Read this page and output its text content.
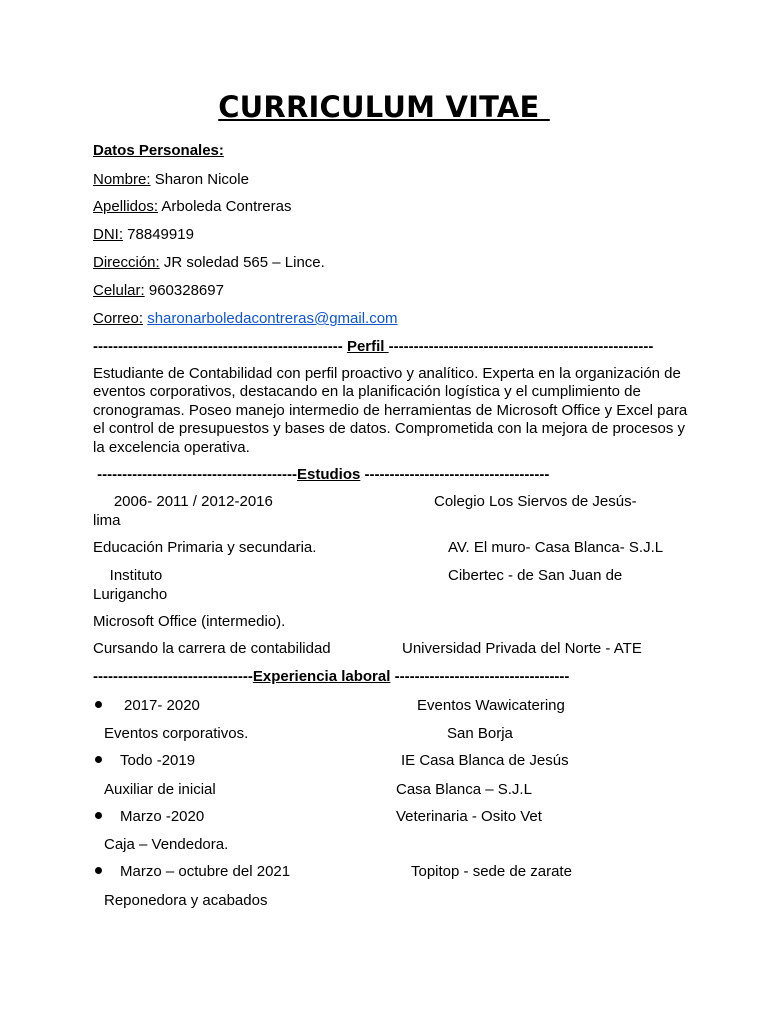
CURRICULUM VITAE
Datos Personales:
Nombre: Sharon Nicole
Apellidos: Arboleda Contreras
DNI: 78849919
Dirección: JR soledad 565 – Lince.
Celular: 960328697
Correo: sharonarboledacontreras@gmail.com
-------------------------------------------------- Perfil -----------------------------------------------------
Estudiante de Contabilidad con perfil proactivo y analítico. Experta en la organización de eventos corporativos, destacando en la planificación logística y el cumplimiento de cronogramas. Poseo manejo intermedio de herramientas de Microsoft Office y Excel para el control de presupuestos y bases de datos. Comprometida con la mejora de procesos y la excelencia operativa.
----------------------------------------Estudios -------------------------------------
2006- 2011 / 2012-2016	Colegio Los Siervos de Jesús-
lima
Educación Primaria y secundaria.	AV. El muro- Casa Blanca- S.J.L
Instituto	Cibertec - de San Juan de
Lurigancho
Microsoft Office (intermedio).
Cursando la carrera de contabilidad	Universidad Privada del Norte - ATE
--------------------------------Experiencia laboral -----------------------------------
2017- 2020	Eventos Wawicatering
Eventos corporativos.	San Borja
Todo -2019	IE Casa Blanca de Jesús
Auxiliar de inicial	Casa Blanca – S.J.L
Marzo -2020	Veterinaria - Osito Vet
Caja – Vendedora.
Marzo – octubre del 2021	Topitop - sede de zarate
Reponedora y acabados
